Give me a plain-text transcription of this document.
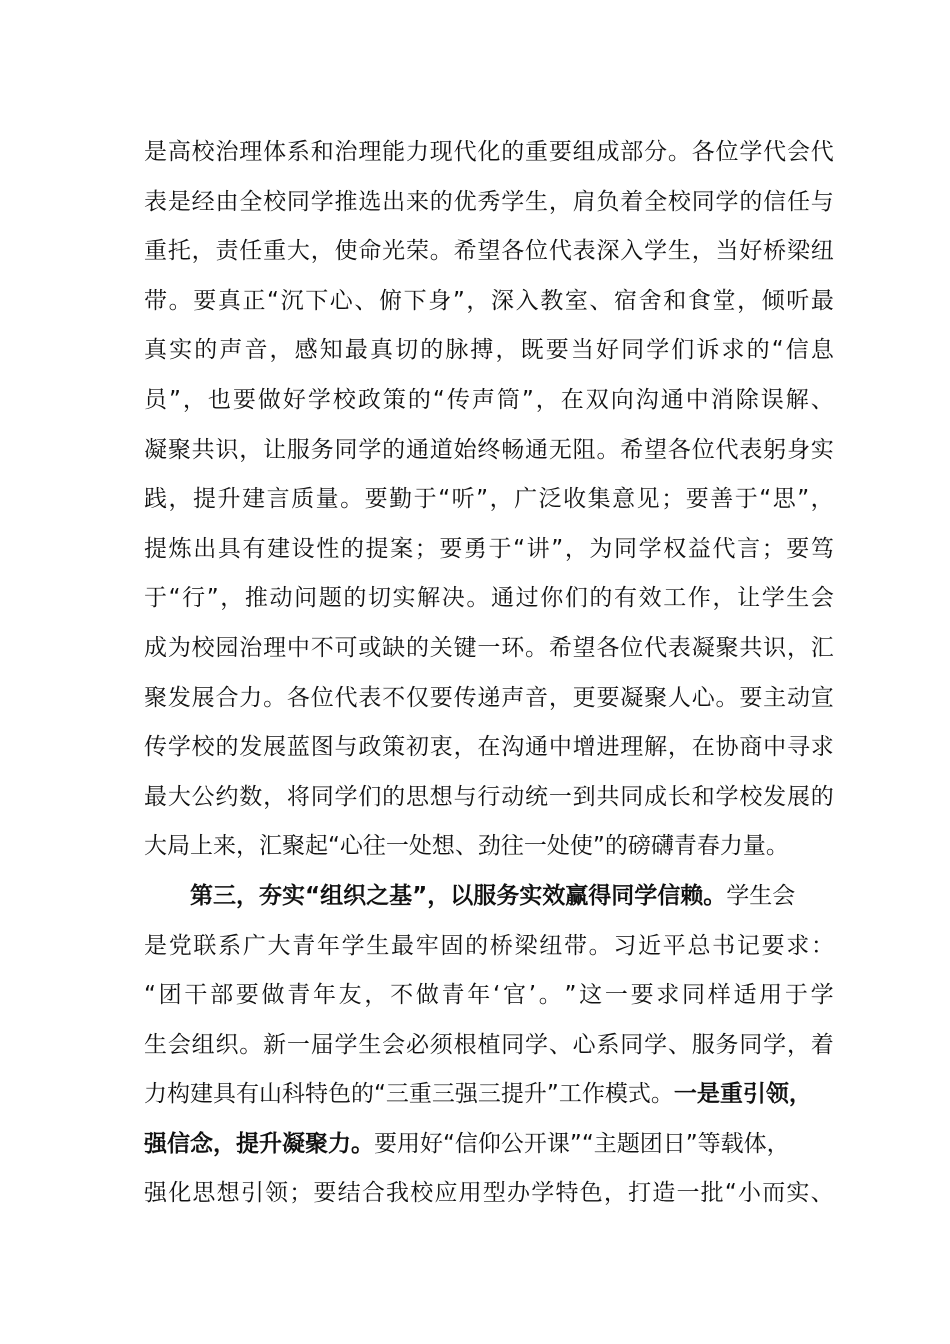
是 高 校 治 理 体 系 和 治 理 能 力 现 代 化 的 重 要 组 成 部 分 。 各 位 学 代 会 代
表 是 经 由 全 校 同 学 推 选 出 来 的 优 秀 学 生 ， 肩 负 着 全 校 同 学 的 信 任 与
重 托 ， 责 任 重 大 ， 使 命 光 荣 。 希 望 各 位 代 表 深 入 学 生 ， 当 好 桥 梁 纽
带 。 要 真 正 “ 沉 下 心 、 俯 下 身 ” ， 深 入 教 室 、 宿 舍 和 食 堂 ， 倾 听 最
真 实 的 声 音 ， 感 知 最 真 切 的 脉 搏 ， 既 要 当 好 同 学 们 诉 求 的 “ 信 息
员 ” ， 也 要 做 好 学 校 政 策 的 “ 传 声 筒 ” ， 在 双 向 沟 通 中 消 除 误 解 、
凝 聚 共 识 ， 让 服 务 同 学 的 通 道 始 终 畅 通 无 阻 。 希 望 各 位 代 表 躬 身 实
践 ， 提 升 建 言 质 量 。 要 勤 于 “ 听 ” ， 广 泛 收 集 意 见 ； 要 善 于 “ 思 ” ，
提 炼 出 具 有 建 设 性 的 提 案 ； 要 勇 于 “ 讲 ” ， 为 同 学 权 益 代 言 ； 要 笃
于 “ 行 ” ， 推 动 问 题 的 切 实 解 决 。 通 过 你 们 的 有 效 工 作 ， 让 学 生 会
成 为 校 园 治 理 中 不 可 或 缺 的 关 键 一 环 。 希 望 各 位 代 表 凝 聚 共 识 ， 汇
聚 发 展 合 力 。 各 位 代 表 不 仅 要 传 递 声 音 ， 更 要 凝 聚 人 心 。 要 主 动 宣
传 学 校 的 发 展 蓝 图 与 政 策 初 衷 ， 在 沟 通 中 增 进 理 解 ， 在 协 商 中 寻 求
最 大 公 约 数 ， 将 同 学 们 的 思 想 与 行 动 统 一 到 共 同 成 长 和 学 校 发 展 的
大局上来，汇聚起“心往一处想、劲往一处使”的磅礴青春力量。
第三，夯实“组织之基”，以服务实效赢得同学信赖。学生会
是 党 联 系 广 大 青 年 学 生 最 牢 固 的 桥 梁 纽 带 。 习 近 平 总 书 记 要 求 ：
“ 团 干 部 要 做 青 年 友 ， 不 做 青 年 ‘ 官 ’ 。 ” 这 一 要 求 同 样 适 用 于 学
生 会 组 织 。 新 一 届 学 生 会 必 须 根 植 同 学 、 心 系 同 学 、 服 务 同 学 ， 着
力构建具有山科特色的“三重三强三提升”工作模式。一是重引领，
强信念，提升凝聚力。要用好“信仰公开课”“主题团日”等载体，
强 化 思 想 引 领 ； 要 结 合 我 校 应 用 型 办 学 特 色 ， 打 造 一 批 “ 小 而 实 、
